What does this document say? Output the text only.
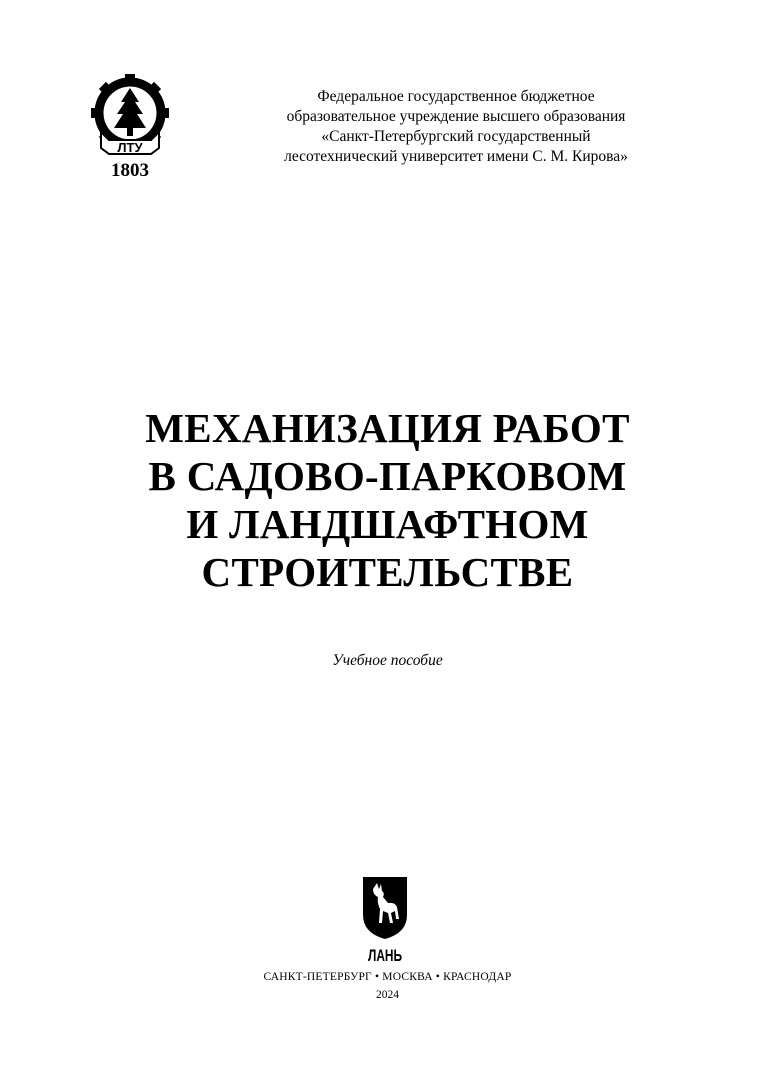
ЛТУ
1803
Федеральное государственное бюджетное
образовательное учреждение высшего образования
«Санкт-Петербургский государственный
лесотехнический университет имени С. М. Кирова»
МЕХАНИЗАЦИЯ РАБОТ
В САДОВО-ПАРКОВОМ
И ЛАНДШАФТНОМ
СТРОИТЕЛЬСТВЕ
Учебное пособие
ЛАНЬ
САНКТ-ПЕТЕРБУРГ • МОСКВА • КРАСНОДАР
2024
